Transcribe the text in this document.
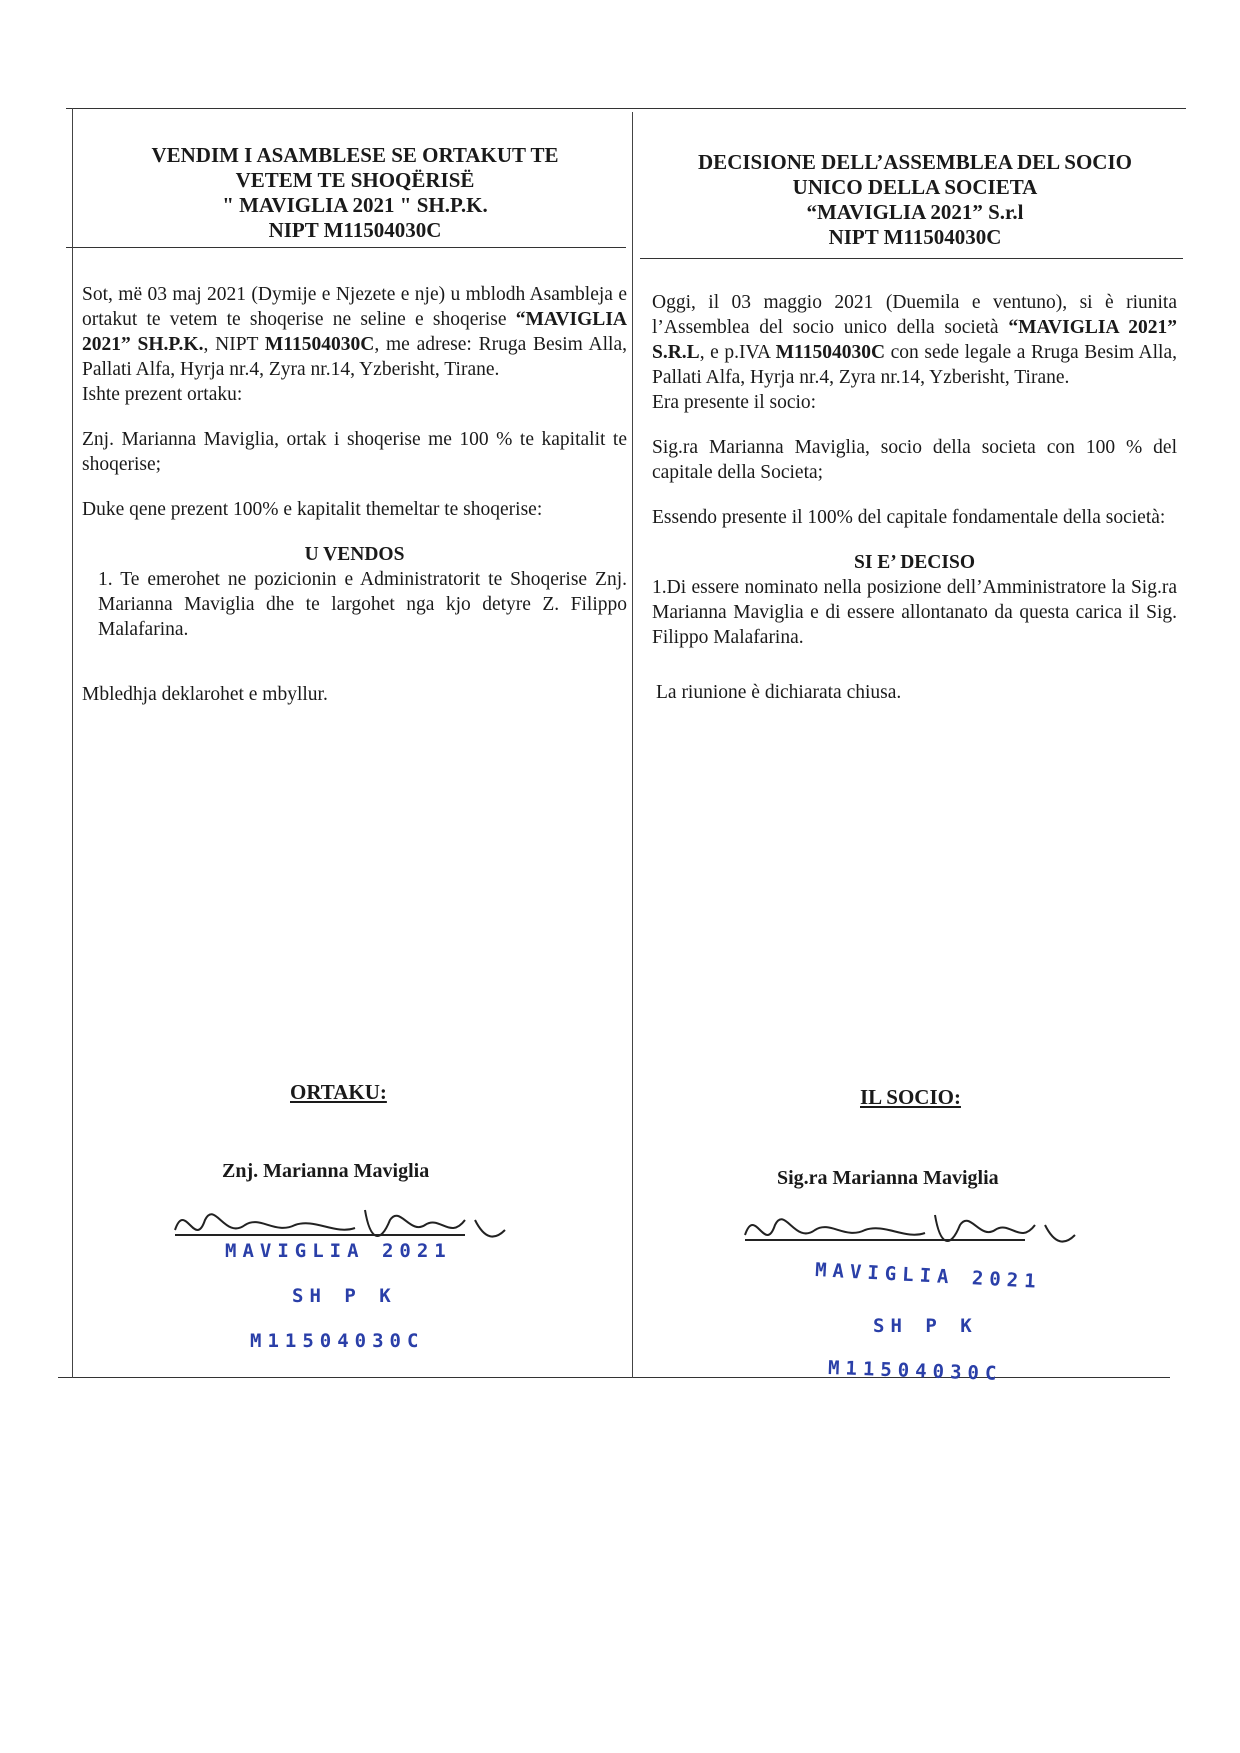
VENDIM I ASAMBLESE SE ORTAKUT TE
VETEM TE SHOQËRISË
" MAVIGLIA 2021 " SH.P.K.
NIPT M11504030C
DECISIONE DELL’ASSEMBLEA DEL SOCIO
UNICO DELLA SOCIETA
“MAVIGLIA 2021” S.r.l
NIPT M11504030C

Sot, më 03 maj 2021 (Dymije e Njezete e nje) u mblodh Asambleja e ortakut te vetem te shoqerise ne seline e shoqerise “MAVIGLIA 2021” SH.P.K., NIPT M11504030C, me adrese: Rruga Besim Alla, Pallati Alfa, Hyrja nr.4, Zyra nr.14, Yzberisht, Tirane.
Ishte prezent ortaku:

Znj. Marianna Maviglia, ortak i shoqerise me 100 % te kapitalit te shoqerise;

Duke qene prezent 100% e kapitalit themeltar te shoqerise:

U VENDOS

1. Te emerohet ne pozicionin e Administratorit te Shoqerise Znj. Marianna Maviglia dhe te largohet nga kjo detyre Z. Filippo Malafarina.

Mbledhja deklarohet e mbyllur.

Oggi, il 03 maggio 2021 (Duemila e ventuno), si è riunita l’Assemblea del socio unico della società “MAVIGLIA 2021” S.R.L, e p.IVA M11504030C con sede legale a Rruga Besim Alla, Pallati Alfa, Hyrja nr.4, Zyra nr.14, Yzberisht, Tirane.
Era presente il socio:

Sig.ra Marianna Maviglia, socio della societa con 100 % del capitale della Societa;

Essendo presente il 100% del capitale fondamentale della società:

SI E’ DECISO

1.Di essere nominato nella posizione dell’Amministratore la Sig.ra Marianna Maviglia e di essere allontanato da questa carica il Sig. Filippo Malafarina.

La riunione è dichiarata chiusa.

ORTAKU:
Znj. Marianna Maviglia
MAVIGLIA 2021
SH P K
M11504030C
IL SOCIO:
Sig.ra Marianna Maviglia
MAVIGLIA 2021
SH P K
M11504030C
